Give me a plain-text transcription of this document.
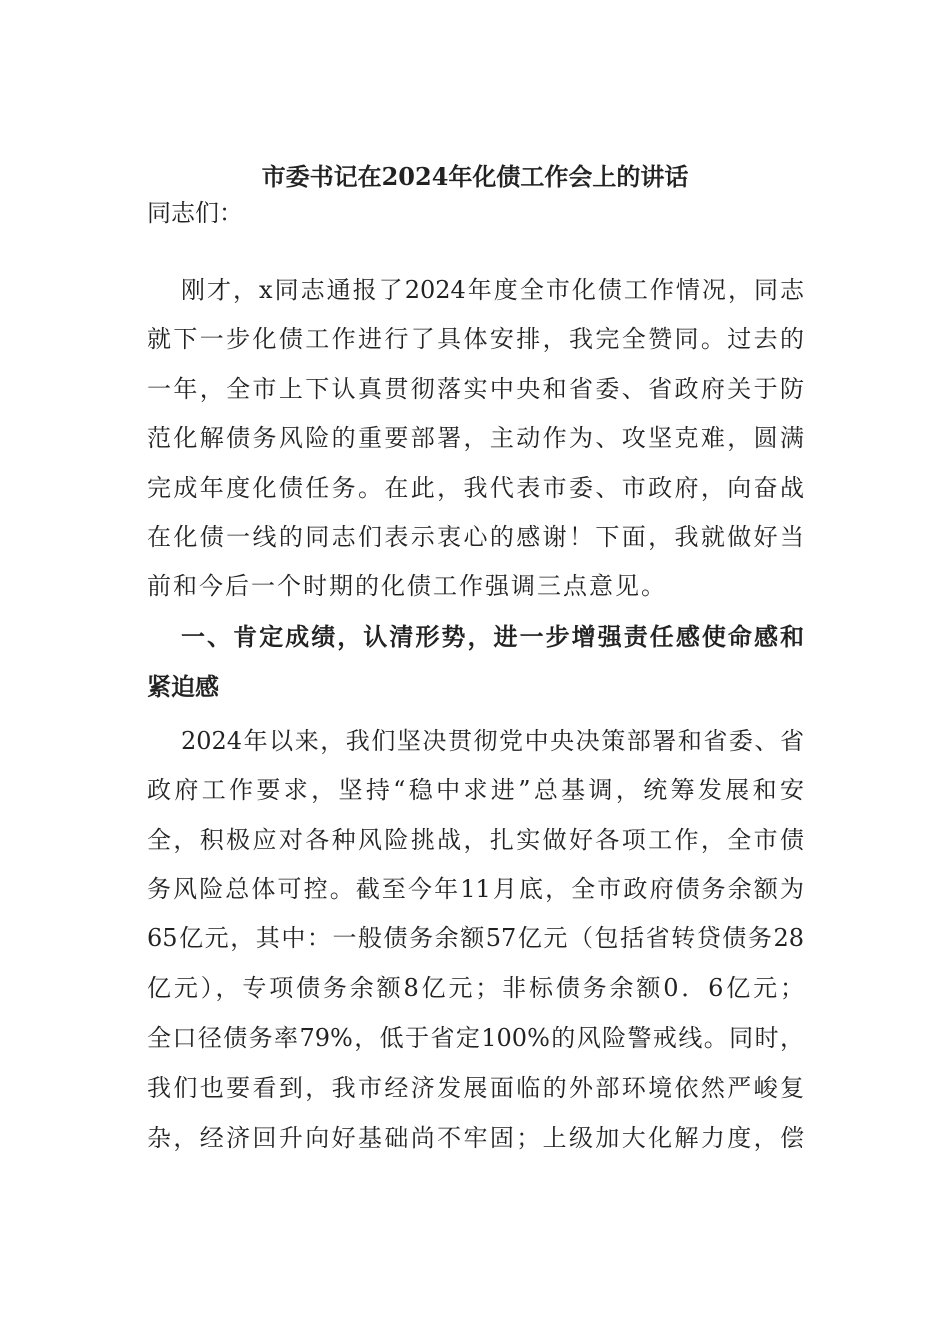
市委书记在2024年化债工作会上的讲话
同志们：
刚才，x同志通报了2024年度全市化债工作情况，同志
就下一步化债工作进行了具体安排，我完全赞同。过去的
一年，全市上下认真贯彻落实中央和省委、省政府关于防
范化解债务风险的重要部署，主动作为、攻坚克难，圆满
完成年度化债任务。在此，我代表市委、市政府，向奋战
在化债一线的同志们表示衷心的感谢！下面，我就做好当
前和今后一个时期的化债工作强调三点意见。
一、肯定成绩，认清形势，进一步增强责任感使命感和
紧迫感
2024年以来，我们坚决贯彻党中央决策部署和省委、省
政府工作要求，坚持“稳中求进”总基调，统筹发展和安
全，积极应对各种风险挑战，扎实做好各项工作，全市债
务风险总体可控。截至今年11月底，全市政府债务余额为
65亿元，其中：一般债务余额57亿元（包括省转贷债务28
亿元），专项债务余额8亿元；非标债务余额0．6亿元；
全口径债务率79%，低于省定100%的风险警戒线。同时，
我们也要看到，我市经济发展面临的外部环境依然严峻复
杂，经济回升向好基础尚不牢固；上级加大化解力度，偿
